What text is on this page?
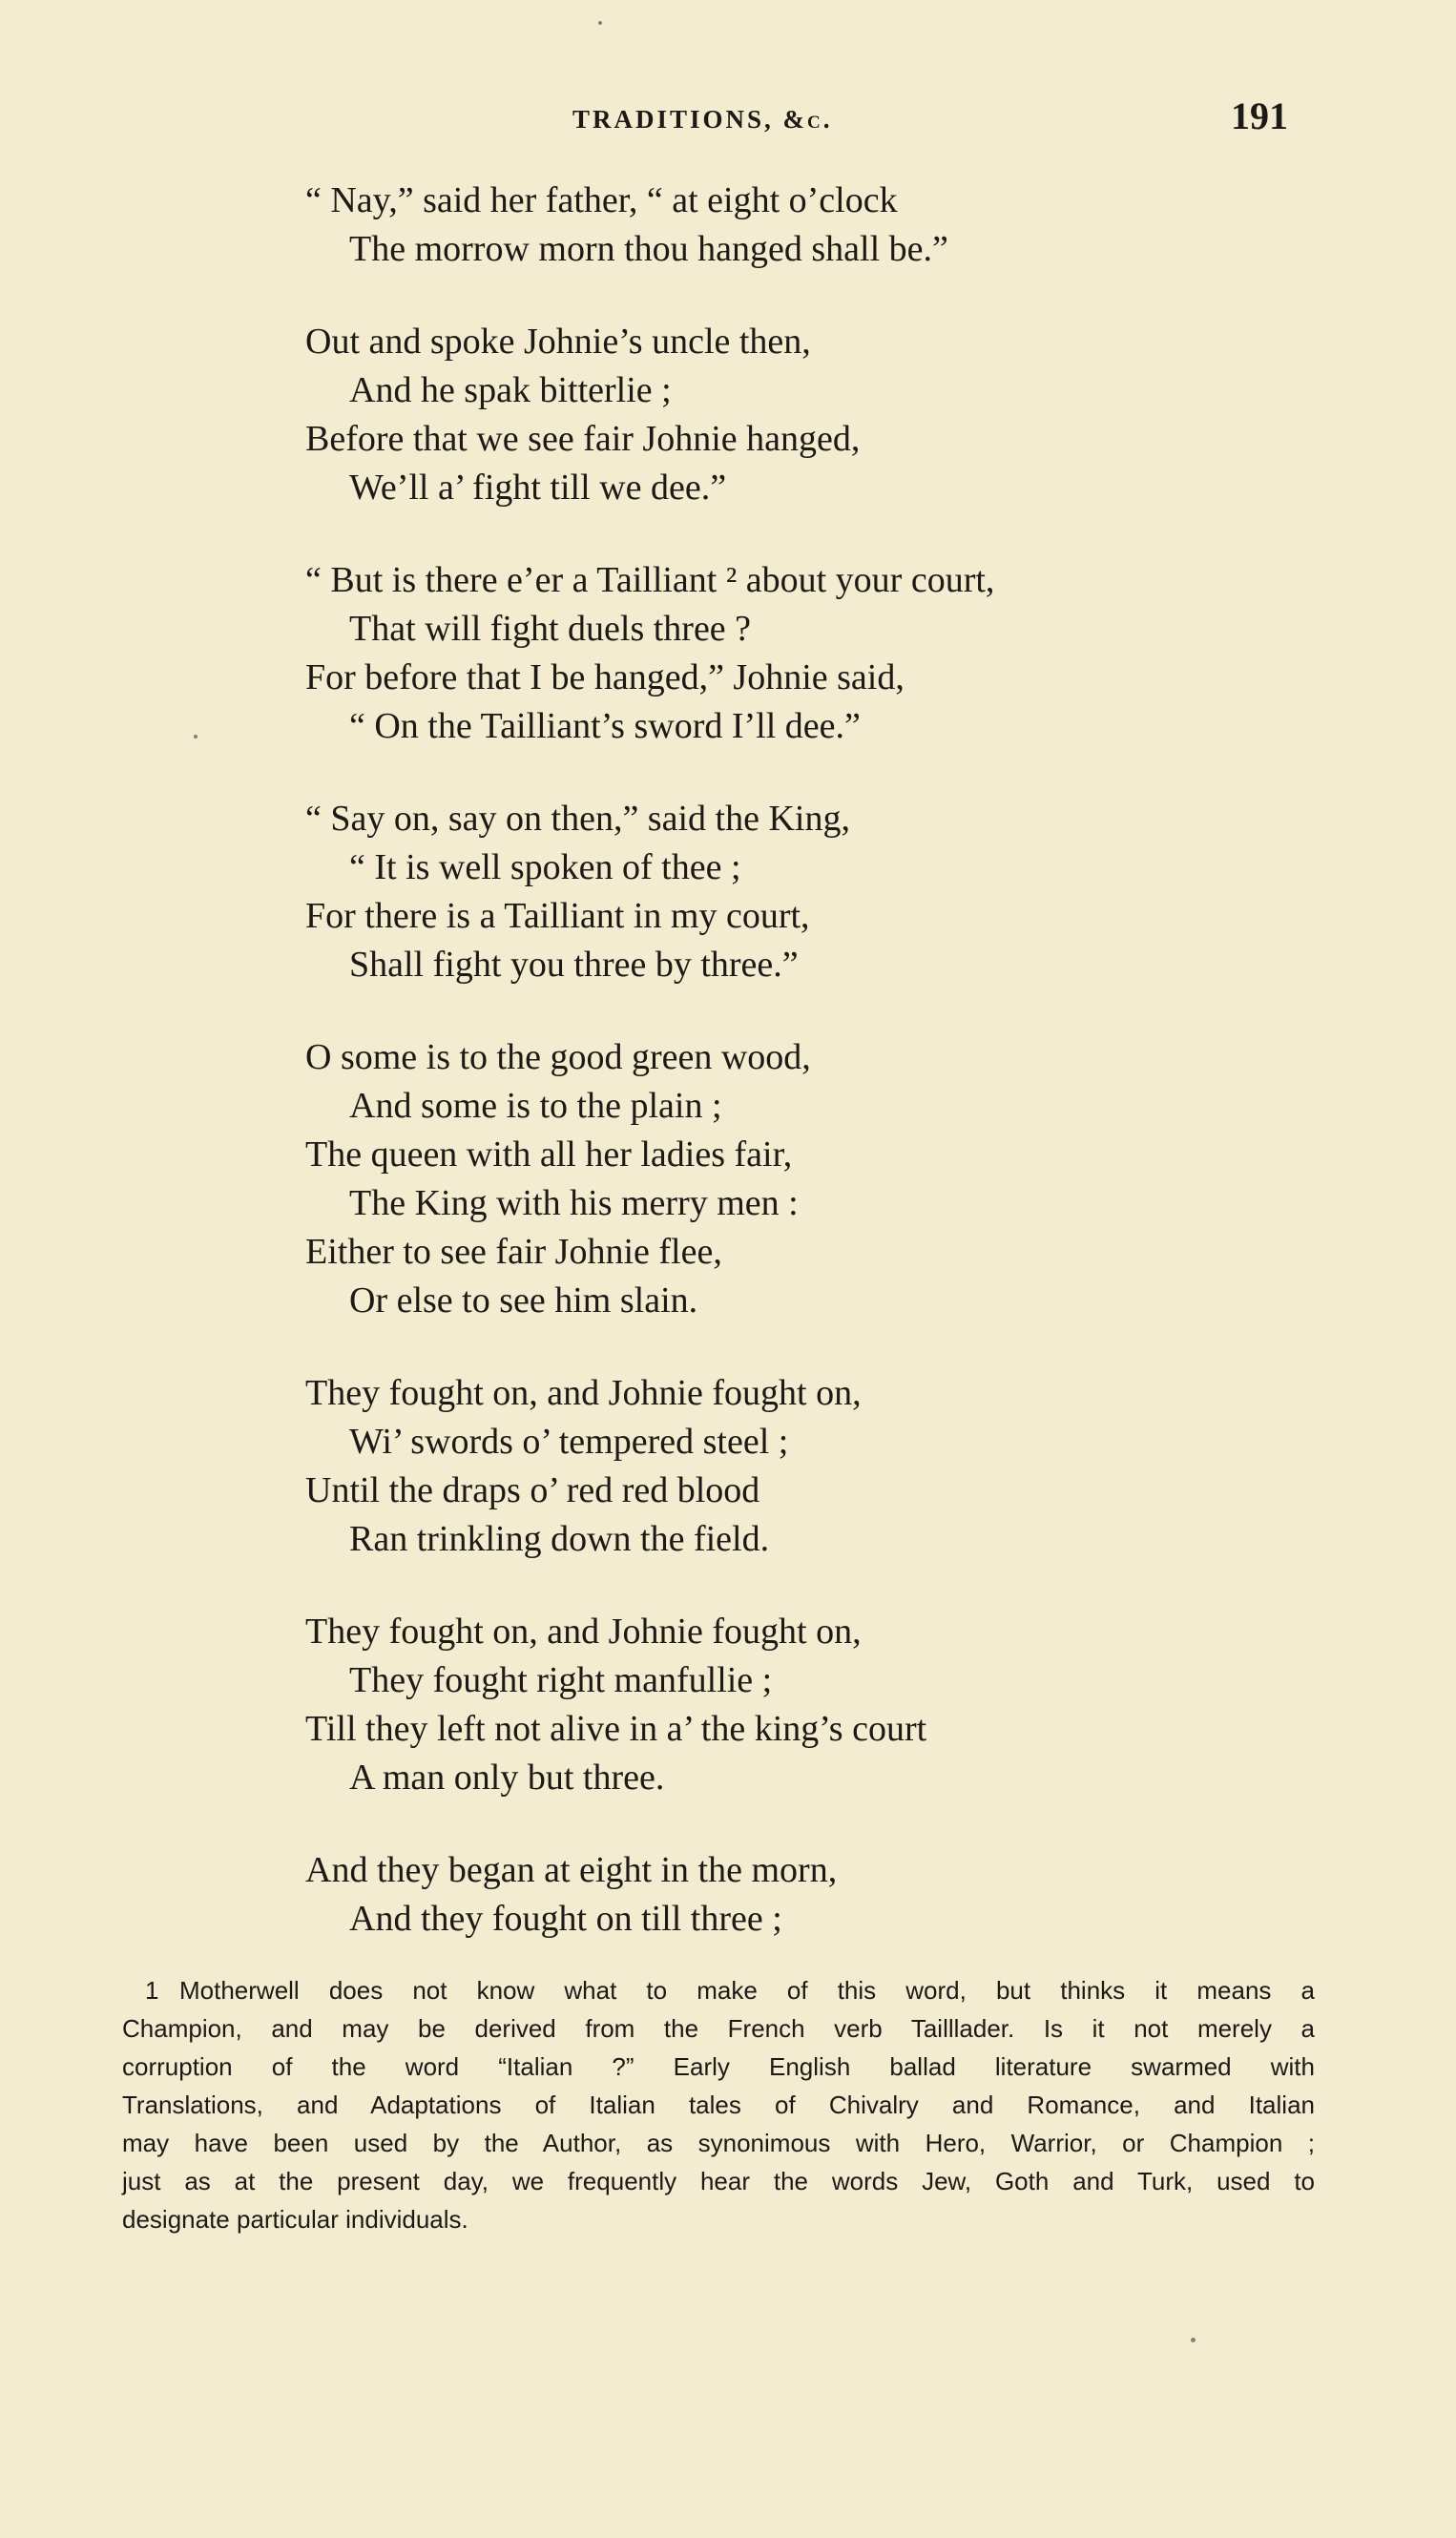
TRADITIONS, &c.	191
“ Nay,” said her father, “ at eight o’clock
The morrow morn thou hanged shall be.”
Out and spoke Johnie’s uncle then,
And he spak bitterlie ;
Before that we see fair Johnie hanged,
We’ll a’ fight till we dee.”
“ But is there e’er a Tailliant ² about your court,
That will fight duels three ?
For before that I be hanged,” Johnie said,
“ On the Tailliant’s sword I’ll dee.”
“ Say on, say on then,” said the King,
“ It is well spoken of thee ;
For there is a Tailliant in my court,
Shall fight you three by three.”
O some is to the good green wood,
And some is to the plain ;
The queen with all her ladies fair,
The King with his merry men :
Either to see fair Johnie flee,
Or else to see him slain.
They fought on, and Johnie fought on,
Wi’ swords o’ tempered steel ;
Until the draps o’ red red blood
Ran trinkling down the field.
They fought on, and Johnie fought on,
They fought right manfullie ;
Till they left not alive in a’ the king’s court
A man only but three.
And they began at eight in the morn,
And they fought on till three ;
1 Motherwell does not know what to make of this word, but thinks it means a
Champion, and may be derived from the French verb Tailllader. Is it not merely a
corruption of the word “Italian ?” Early English ballad literature swarmed with
Translations, and Adaptations of Italian tales of Chivalry and Romance, and Italian
may have been used by the Author, as synonimous with Hero, Warrior, or Champion ;
just as at the present day, we frequently hear the words Jew, Goth and Turk, used to
designate particular individuals.
